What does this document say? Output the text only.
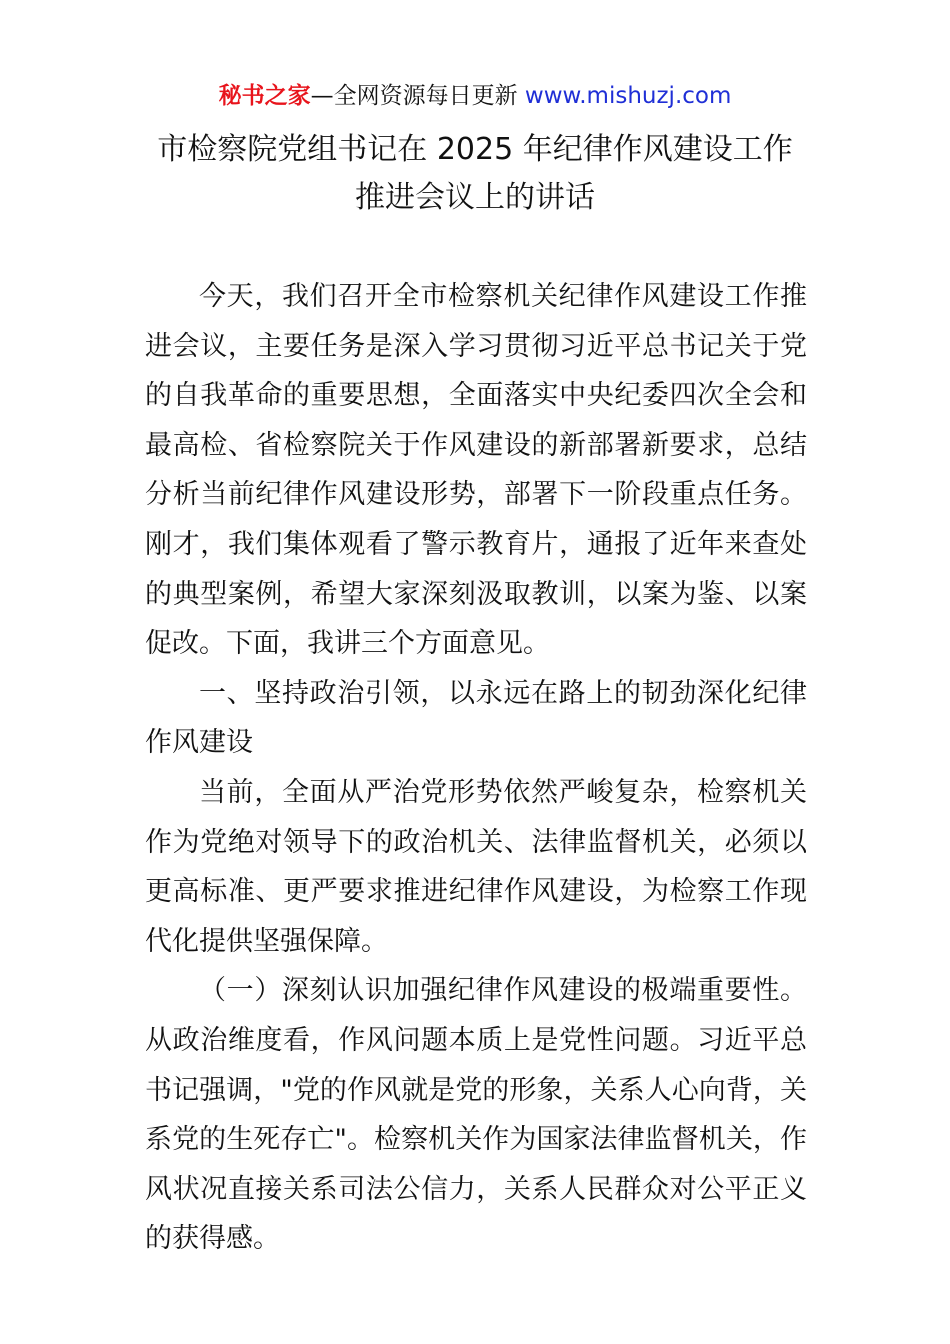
秘书之家—全网资源每日更新 www.mishuzj.com
市检察院党组书记在 2025 年纪律作风建设工作
推进会议上的讲话

今天，我们召开全市检察机关纪律作风建设工作推进会议，主要任务是深入学习贯彻习近平总书记关于党的自我革命的重要思想，全面落实中央纪委四次全会和最高检、省检察院关于作风建设的新部署新要求，总结分析当前纪律作风建设形势，部署下一阶段重点任务。刚才，我们集体观看了警示教育片，通报了近年来查处的典型案例，希望大家深刻汲取教训，以案为鉴、以案促改。下面，我讲三个方面意见。

一、坚持政治引领，以永远在路上的韧劲深化纪律作风建设

当前，全面从严治党形势依然严峻复杂，检察机关作为党绝对领导下的政治机关、法律监督机关，必须以更高标准、更严要求推进纪律作风建设，为检察工作现代化提供坚强保障。

（一）深刻认识加强纪律作风建设的极端重要性。从政治维度看，作风问题本质上是党性问题。习近平总书记强调，"党的作风就是党的形象，关系人心向背，关系党的生死存亡"。检察机关作为国家法律监督机关，作风状况直接关系司法公信力，关系人民群众对公平正义的获得感。
